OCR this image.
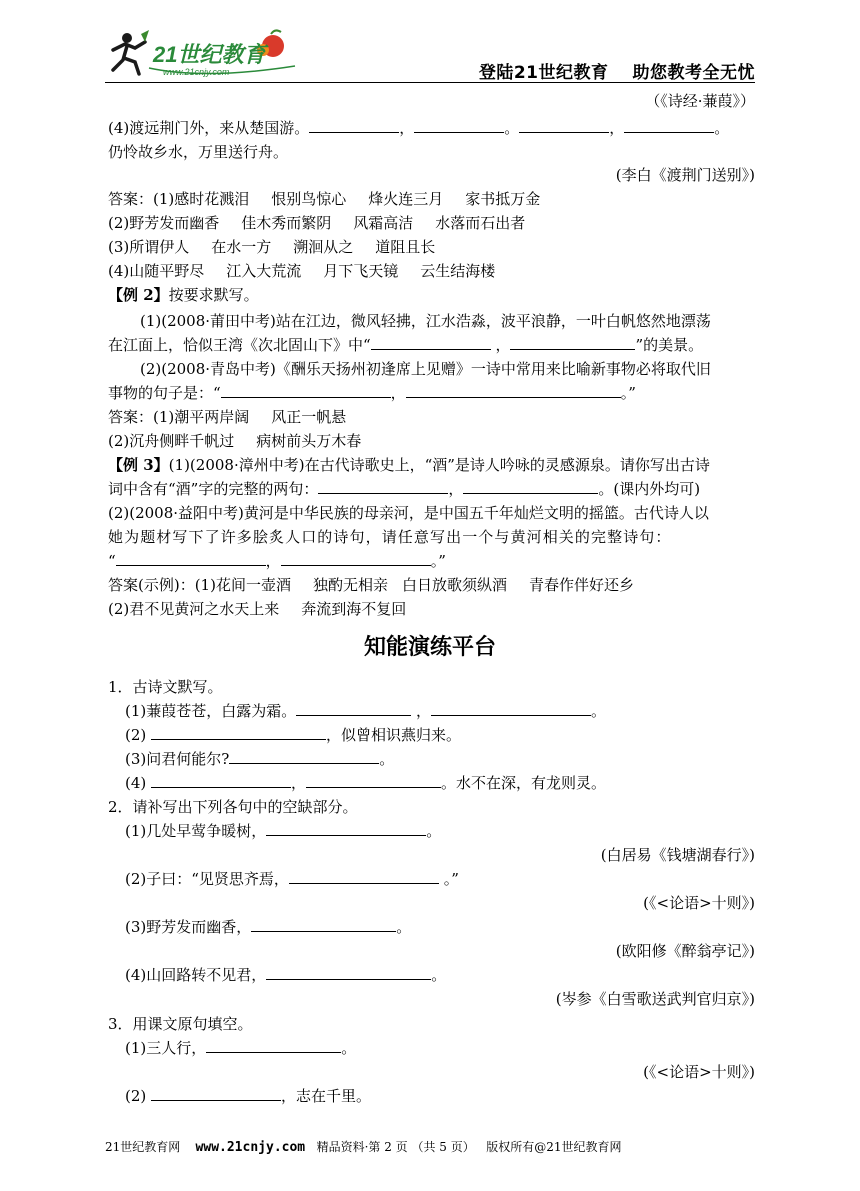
21世纪教育
www.21cnjy.com	登陆21世纪教育 助您教考全无忧
（《诗经·蒹葭》）
(4)渡远荆门外，来从楚国游。	，	。	，	。
仍怜故乡水，万里送行舟。
(李白《渡荆门送别》)
答案：(1)感时花溅泪 恨别鸟惊心 烽火连三月 家书抵万金
(2)野芳发而幽香 佳木秀而繁阴 风霜高洁 水落而石出者
(3)所谓伊人 在水一方 溯洄从之 道阻且长
(4)山随平野尽 江入大荒流 月下飞天镜 云生结海楼
【例 2】按要求默写。
(1)(2008·莆田中考)站在江边，微风轻拂，江水浩淼，波平浪静，一叶白帆悠然地漂荡
在江面上，恰似王湾《次北固山下》中“	，	”的美景。
(2)(2008·青岛中考)《酬乐天扬州初逢席上见赠》一诗中常用来比喻新事物必将取代旧
事物的句子是：“	，	。”
答案：(1)潮平两岸阔 风正一帆悬
(2)沉舟侧畔千帆过 病树前头万木春
【例 3】(1)(2008·漳州中考)在古代诗歌史上，“酒”是诗人吟咏的灵感源泉。请你写出古诗
词中含有“酒”字的完整的两句：	，	。(课内外均可)
(2)(2008·益阳中考)黄河是中华民族的母亲河，是中国五千年灿烂文明的摇篮。古代诗人以
她为题材写下了许多脍炙人口的诗句，请任意写出一个与黄河相关的完整诗句：
“	，	。”
答案(示例)：(1)花间一壶酒 独酌无相亲 白日放歌须纵酒 青春作伴好还乡
(2)君不见黄河之水天上来 奔流到海不复回
知能演练平台
1．古诗文默写。
(1)蒹葭苍苍，白露为霜。	，	。
(2)	，似曾相识燕归来。
(3)问君何能尔?	。
(4)	，	。水不在深，有龙则灵。
2．请补写出下列各句中的空缺部分。
(1)几处早莺争暖树，	。
(白居易《钱塘湖春行》)
(2)子曰：“见贤思齐焉，	。”
(《<论语>十则》)
(3)野芳发而幽香，	。
(欧阳修《醉翁亭记》)
(4)山回路转不见君，	。
(岑参《白雪歌送武判官归京》)
3．用课文原句填空。
(1)三人行，	。
(《<论语>十则》)
(2)	，志在千里。
21世纪教育网 www.21cnjy.com 精品资料·第 2 页 （共 5 页） 版权所有@21世纪教育网
